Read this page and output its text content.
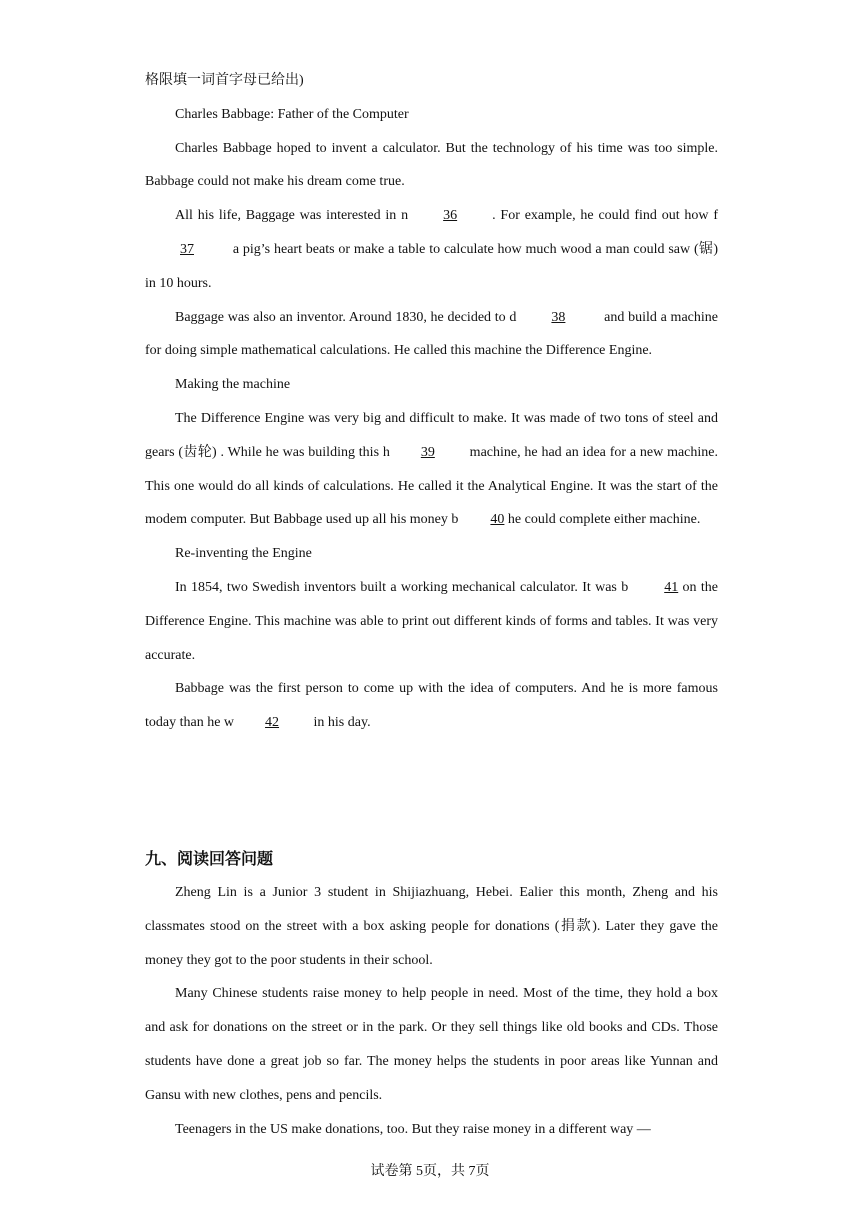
格限填一词首字母已给出)

Charles Babbage: Father of the Computer

Charles Babbage hoped to invent a calculator. But the technology of his time was too simple. Babbage could not make his dream come true.

All his life, Baggage was interested in n	36	. For example, he could find out how f37	a pig’s heart beats or make a table to calculate how much wood a man could saw (锯) in 10 hours.

Baggage was also an inventor. Around 1830, he decided to d	38	and build a machine for doing simple mathematical calculations. He called this machine the Difference Engine.

Making the machine

The Difference Engine was very big and difficult to make. It was made of two tons of steel and gears (齿轮) . While he was building this h 39 machine, he had an idea for a new machine. This one would do all kinds of calculations. He called it the Analytical Engine. It was the start of the modem computer. But Babbage used up all his money b 40 he could complete either machine.

Re-inventing the Engine

In 1854, two Swedish inventors built a working mechanical calculator. It was b	41 on the Difference Engine. This machine was able to print out different kinds of forms and tables. It was very accurate.

Babbage was the first person to come up with the idea of computers. And he is more famous today than he w 42 in his day.

九、阅读回答问题

Zheng Lin is a Junior 3 student in Shijiazhuang, Hebei. Ealier this month, Zheng and his classmates stood on the street with a box asking people for donations (捐款). Later they gave the money they got to the poor students in their school.

Many Chinese students raise money to help people in need. Most of the time, they hold a box and ask for donations on the street or in the park. Or they sell things like old books and CDs. Those students have done a great job so far. The money helps the students in poor areas like Yunnan and Gansu with new clothes, pens and pencils.

Teenagers in the US make donations, too. But they raise money in a different way —

试卷第 5页，共 7页
